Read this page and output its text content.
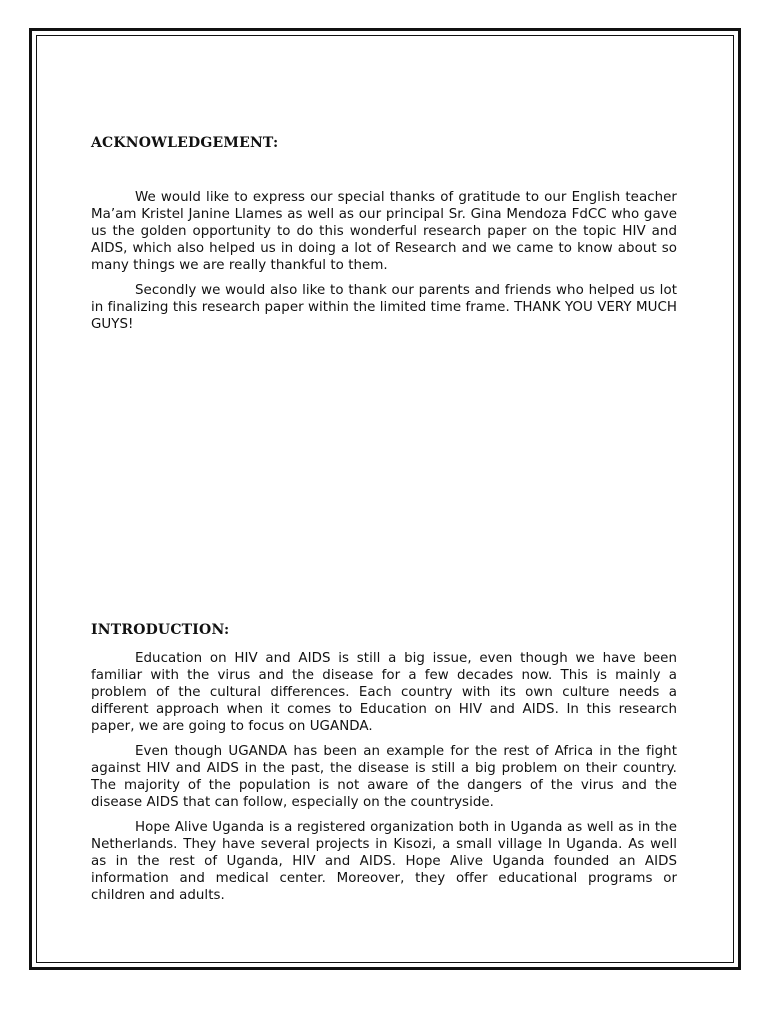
ACKNOWLEDGEMENT:

We would like to express our special thanks of gratitude to our English teacher Ma’am Kristel Janine Llames as well as our principal Sr. Gina Mendoza FdCC who gave us the golden opportunity to do this wonderful research paper on the topic HIV and AIDS, which also helped us in doing a lot of Research and we came to know about so many things we are really thankful to them.

Secondly we would also like to thank our parents and friends who helped us lot in finalizing this research paper within the limited time frame. THANK YOU VERY MUCH GUYS!

INTRODUCTION:

Education on HIV and AIDS is still a big issue, even though we have been familiar with the virus and the disease for a few decades now. This is mainly a problem of the cultural differences. Each country with its own culture needs a different approach when it comes to Education on HIV and AIDS. In this research paper, we are going to focus on UGANDA.

Even though UGANDA has been an example for the rest of Africa in the fight against HIV and AIDS in the past, the disease is still a big problem on their country. The majority of the population is not aware of the dangers of the virus and the disease AIDS that can follow, especially on the countryside.

Hope Alive Uganda is a registered organization both in Uganda as well as in the Netherlands. They have several projects in Kisozi, a small village In Uganda. As well as in the rest of Uganda, HIV and AIDS. Hope Alive Uganda founded an AIDS information and medical center. Moreover, they offer educational programs or children and adults.
